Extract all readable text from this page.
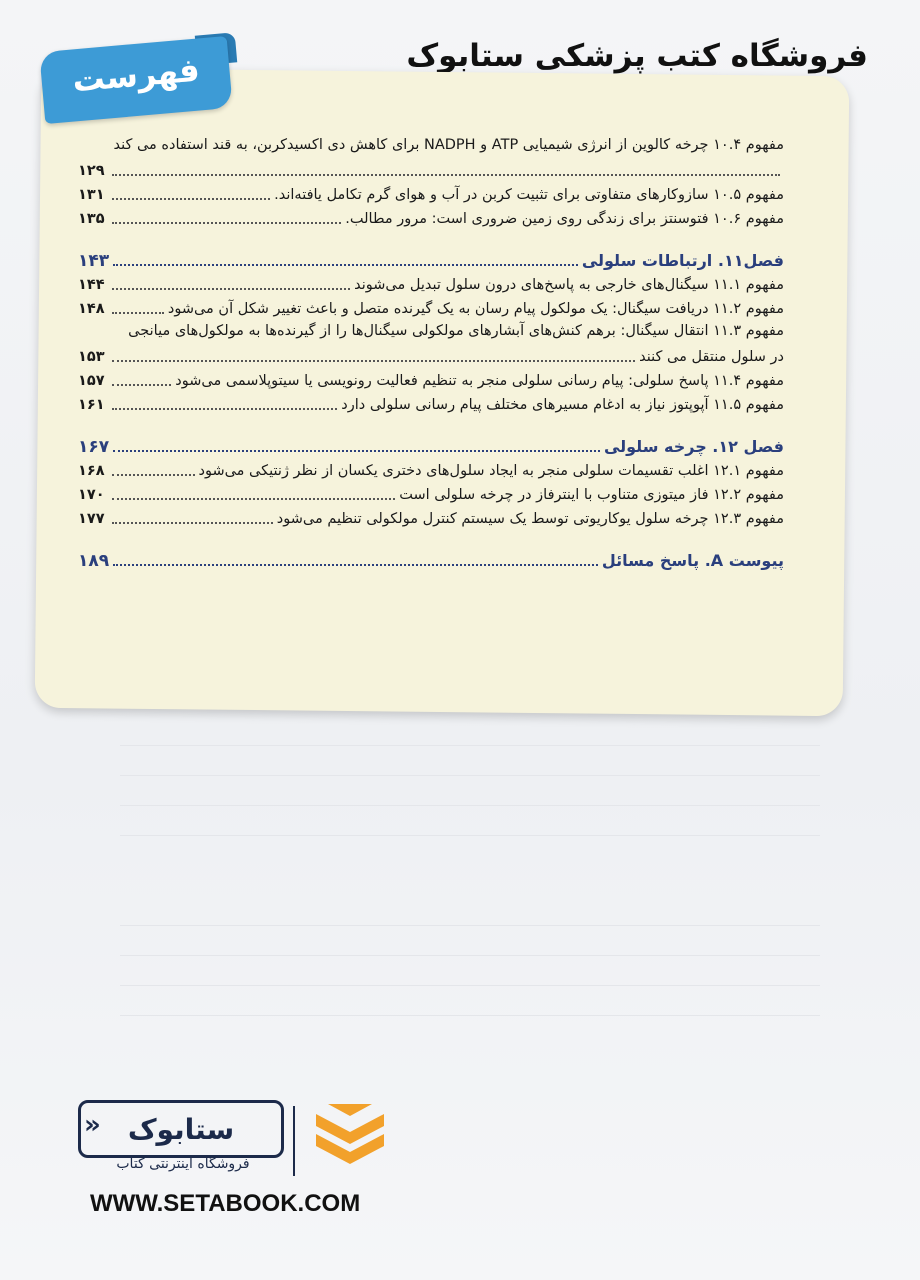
فروشگاه کتب پزشکی ستابوک
فهرست
مفهوم ۱۰.۴ چرخه کالوین از انرژی شیمیایی ATP و NADPH برای کاهش دی اکسیدکربن، به قند استفاده می کند
۱۲۹
مفهوم ۱۰.۵ سازوکارهای متفاوتی برای تثبیت کربن در آب و هوای گرم تکامل یافته‌اند.
۱۳۱
مفهوم ۱۰.۶ فتوسنتز برای زندگی روی زمین ضروری است: مرور مطالب.
۱۳۵
فصل۱۱. ارتباطات سلولی
۱۴۳
مفهوم ۱۱.۱ سیگنال‌های خارجی به پاسخ‌های درون سلول تبدیل می‌شوند
۱۴۴
مفهوم ۱۱.۲ دریافت سیگنال: یک مولکول پیام رسان به یک گیرنده متصل و باعث تغییر شکل آن می‌شود
۱۴۸
مفهوم ۱۱.۳ انتقال سیگنال: برهم کنش‌های آبشارهای مولکولی سیگنال‌ها را از گیرنده‌ها به مولکول‌های میانجی
در سلول منتقل می کنند
۱۵۳
مفهوم ۱۱.۴ پاسخ سلولی: پیام رسانی سلولی منجر به تنظیم فعالیت رونویسی یا سیتوپلاسمی می‌شود
۱۵۷
مفهوم ۱۱.۵ آپوپتوز نیاز به ادغام مسیرهای مختلف پیام رسانی سلولی دارد
۱۶۱
فصل ۱۲. چرخه سلولی
۱۶۷
مفهوم ۱۲.۱ اغلب تقسیمات سلولی منجر به ایجاد سلول‌های دختری یکسان از نظر ژنتیکی می‌شود
۱۶۸
مفهوم ۱۲.۲ فاز میتوزی متناوب با اینترفاز در چرخه سلولی است
۱۷۰
مفهوم ۱۲.۳ چرخه سلول یوکاریوتی توسط یک سیستم کنترل مولکولی تنظیم می‌شود
۱۷۷
پیوست A. پاسخ مسائل
۱۸۹
ستابوک
»
فروشگاه اینترنتی کتاب
WWW.SETABOOK.COM
